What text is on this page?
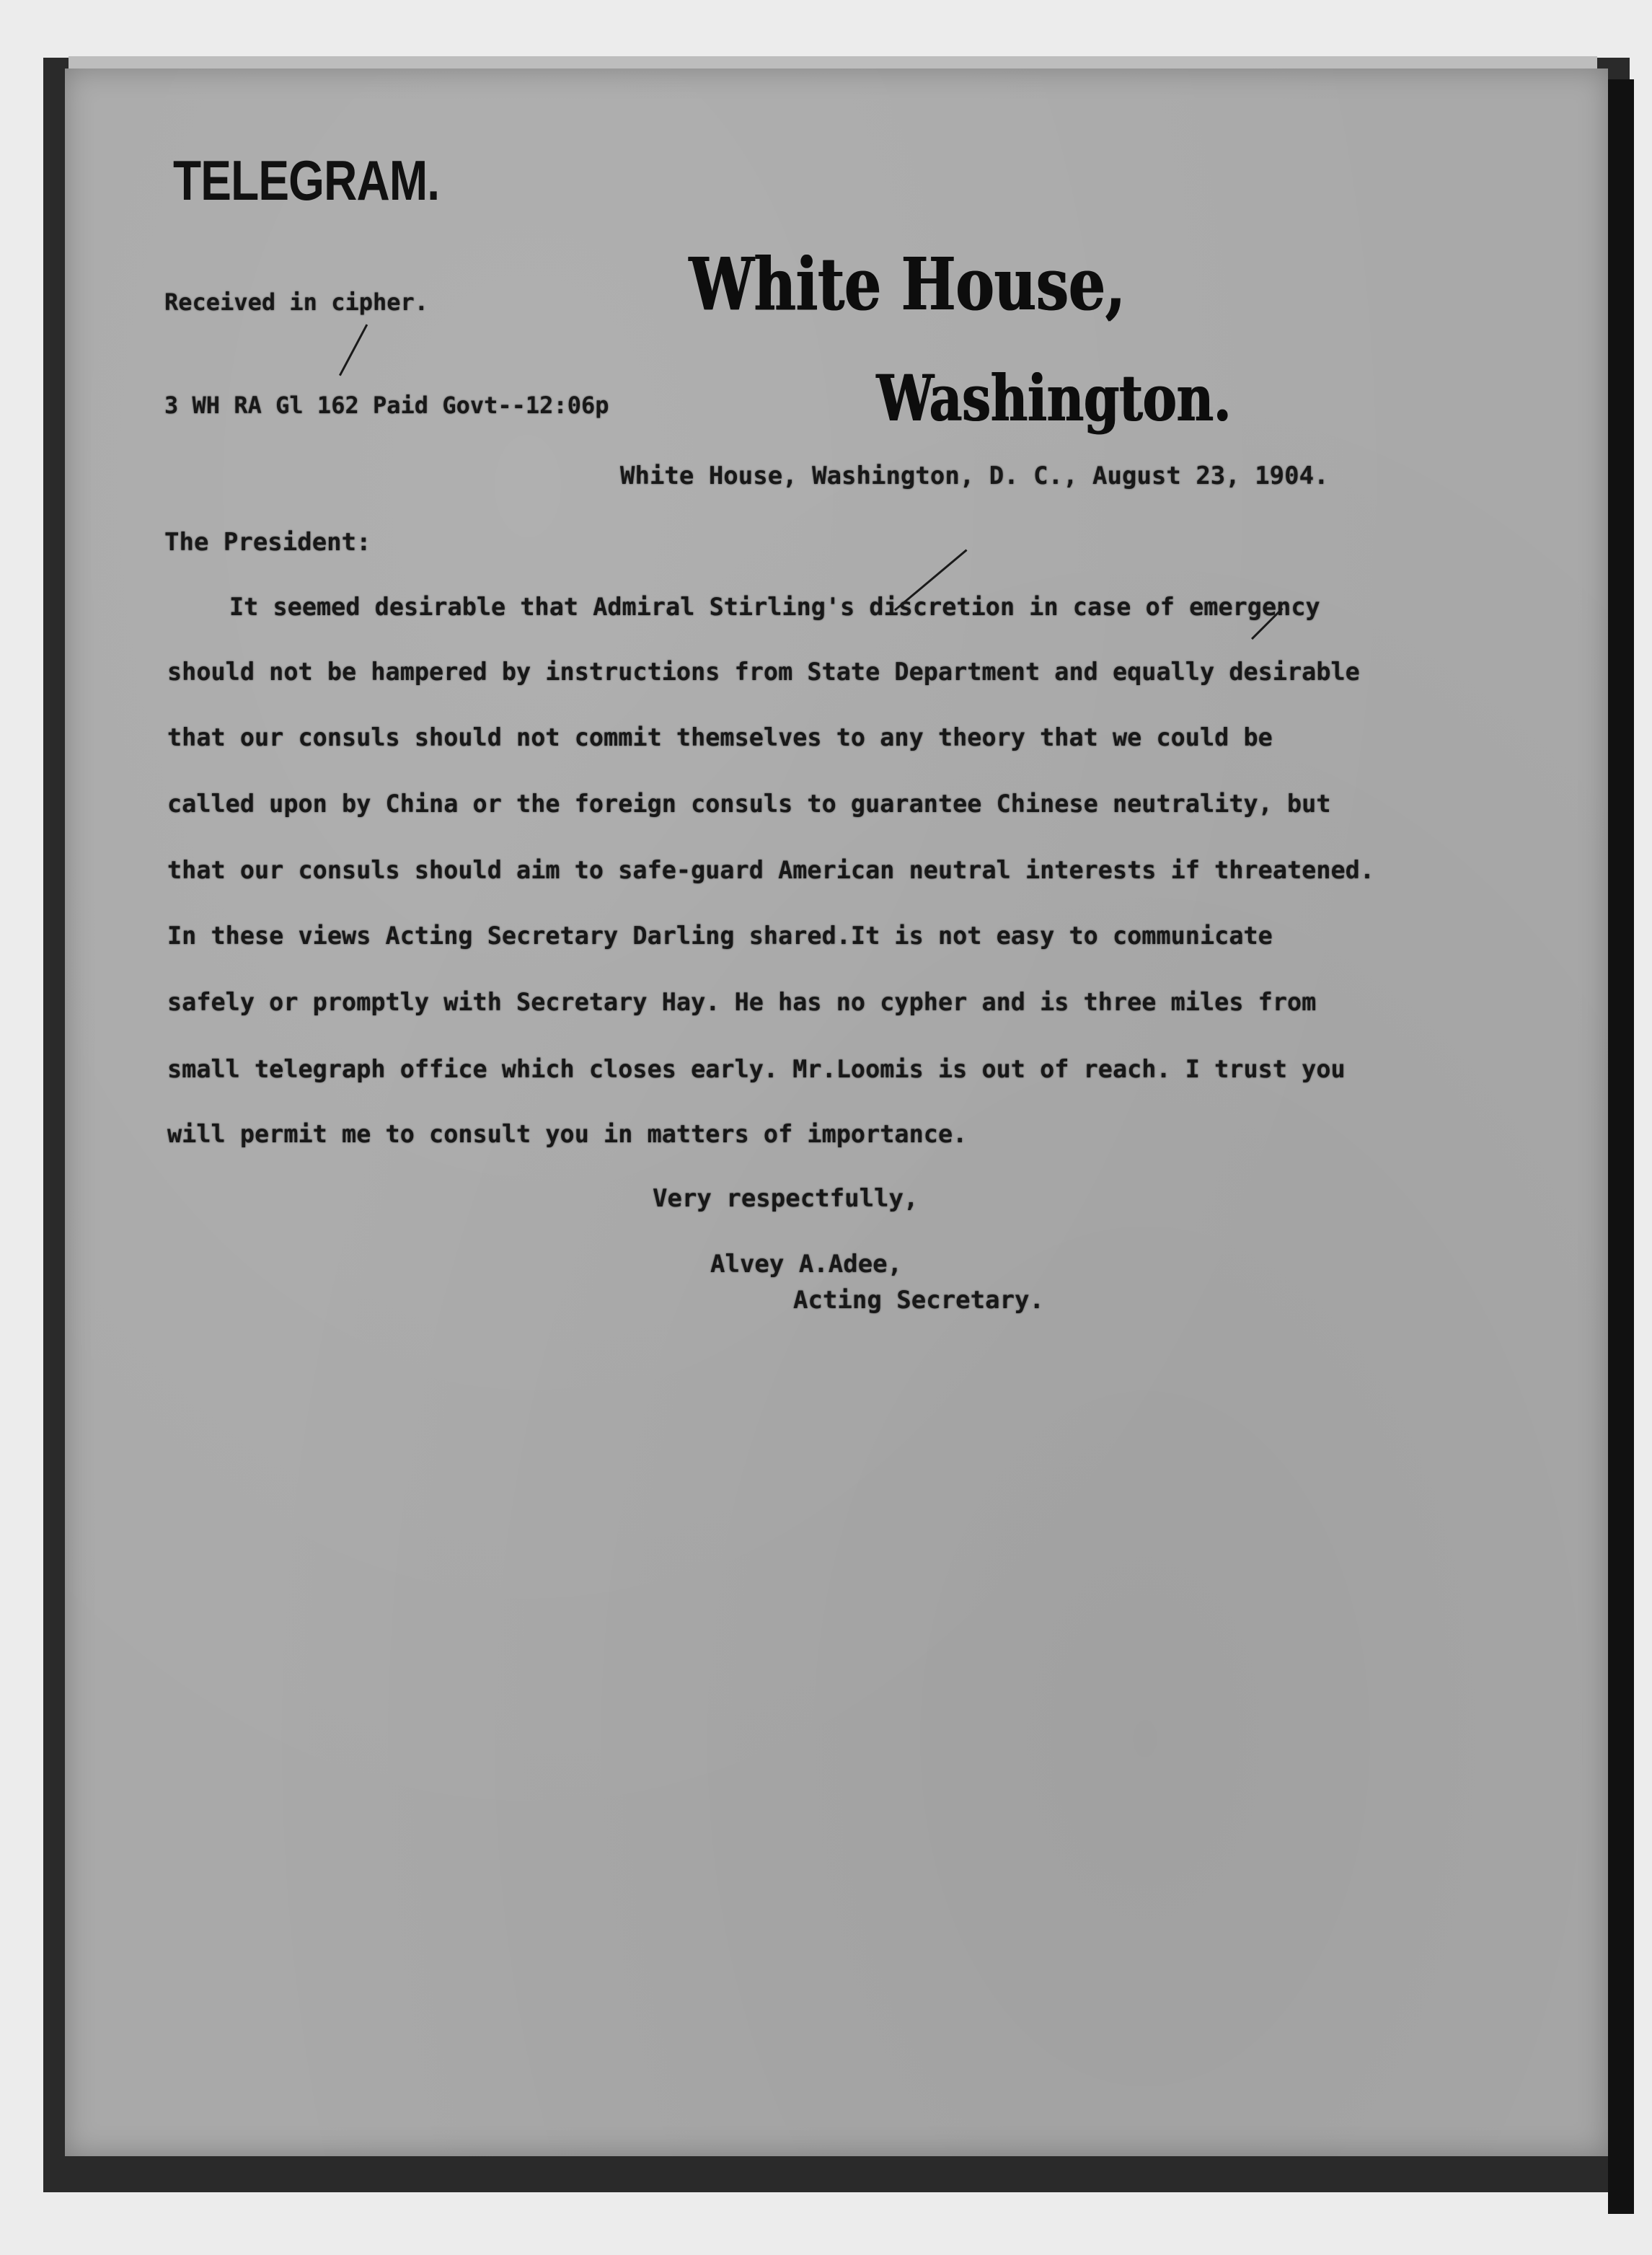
TELEGRAM.
Received in cipher.
3 WH RA Gl 162 Paid Govt--12:06p
White House,
Washington.
White House, Washington, D. C., August 23, 1904.
The President:
It seemed desirable that Admiral Stirling's discretion in case of emergency
should not be hampered by instructions from State Department and equally desirable
that our consuls should not commit themselves to any theory that we could be
called upon by China or the foreign consuls to guarantee Chinese neutrality, but
that our consuls should aim to safe-guard American neutral interests if threatened.
In these views Acting Secretary Darling shared.It is not easy to communicate
safely or promptly with Secretary Hay. He has no cypher and is three miles from
small telegraph office which closes early. Mr.Loomis is out of reach. I trust you
will permit me to consult you in matters of importance.
Very respectfully,
Alvey A.Adee,
Acting Secretary.
